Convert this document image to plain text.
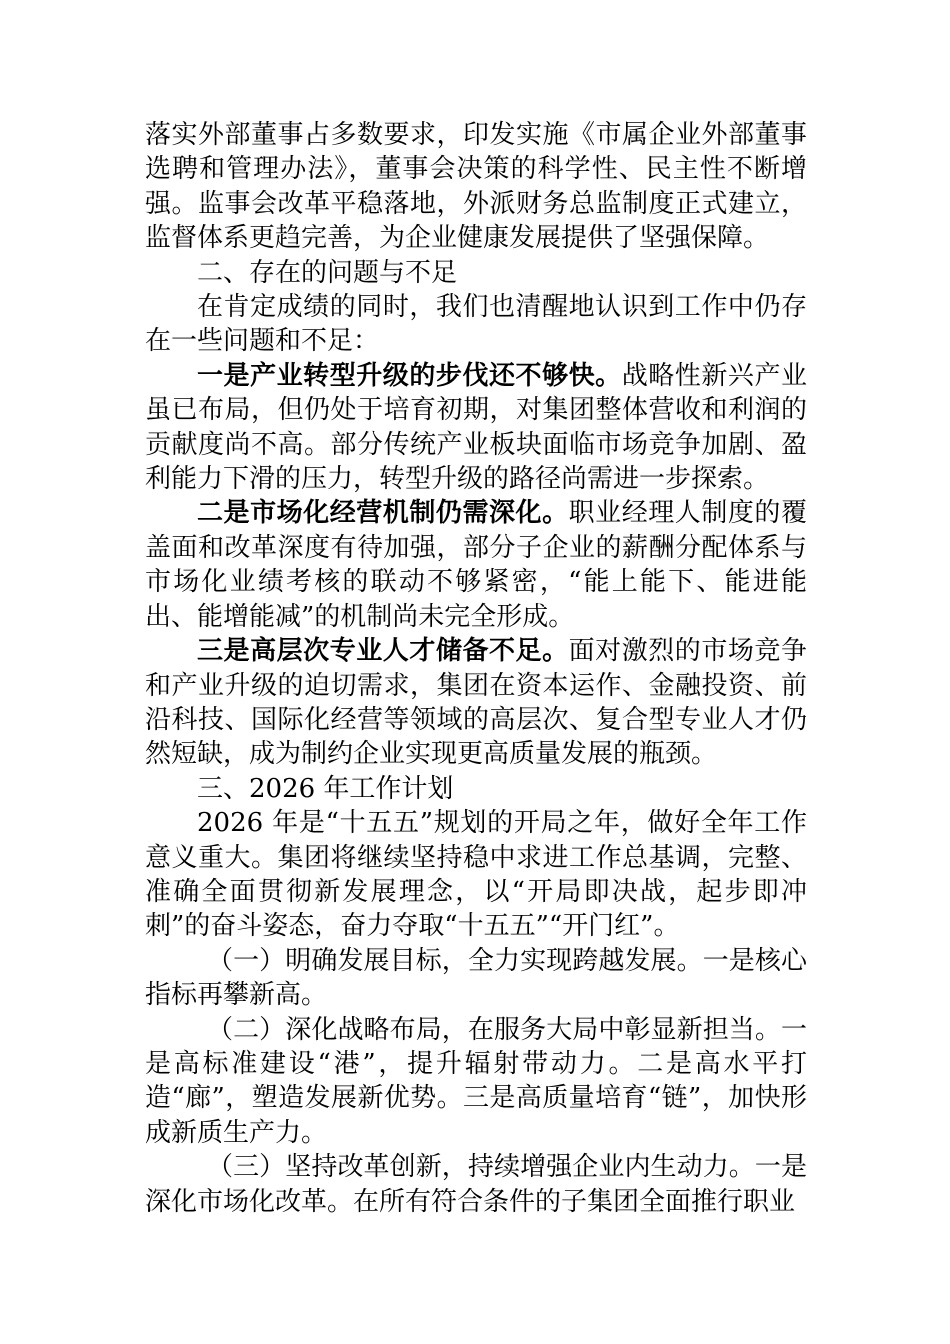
落实外部董事占多数要求，印发实施《市属企业外部董事选聘和管理办法》，董事会决策的科学性、民主性不断增强。监事会改革平稳落地，外派财务总监制度正式建立，监督体系更趋完善，为企业健康发展提供了坚强保障。

二、存在的问题与不足

在肯定成绩的同时，我们也清醒地认识到工作中仍存在一些问题和不足：

一是产业转型升级的步伐还不够快。战略性新兴产业虽已布局，但仍处于培育初期，对集团整体营收和利润的贡献度尚不高。部分传统产业板块面临市场竞争加剧、盈利能力下滑的压力，转型升级的路径尚需进一步探索。

二是市场化经营机制仍需深化。职业经理人制度的覆盖面和改革深度有待加强，部分子企业的薪酬分配体系与市场化业绩考核的联动不够紧密，“能上能下、能进能出、能增能减”的机制尚未完全形成。

三是高层次专业人才储备不足。面对激烈的市场竞争和产业升级的迫切需求，集团在资本运作、金融投资、前沿科技、国际化经营等领域的高层次、复合型专业人才仍然短缺，成为制约企业实现更高质量发展的瓶颈。

三、2026 年工作计划

2026 年是“十五五”规划的开局之年，做好全年工作意义重大。集团将继续坚持稳中求进工作总基调，完整、准确全面贯彻新发展理念，以“开局即决战，起步即冲刺”的奋斗姿态，奋力夺取“十五五”“开门红”。

（一）明确发展目标，全力实现跨越发展。一是核心指标再攀新高。

（二）深化战略布局，在服务大局中彰显新担当。一是高标准建设“港”，提升辐射带动力。二是高水平打造“廊”，塑造发展新优势。三是高质量培育“链”，加快形成新质生产力。

（三）坚持改革创新，持续增强企业内生动力。一是深化市场化改革。在所有符合条件的子集团全面推行职业
